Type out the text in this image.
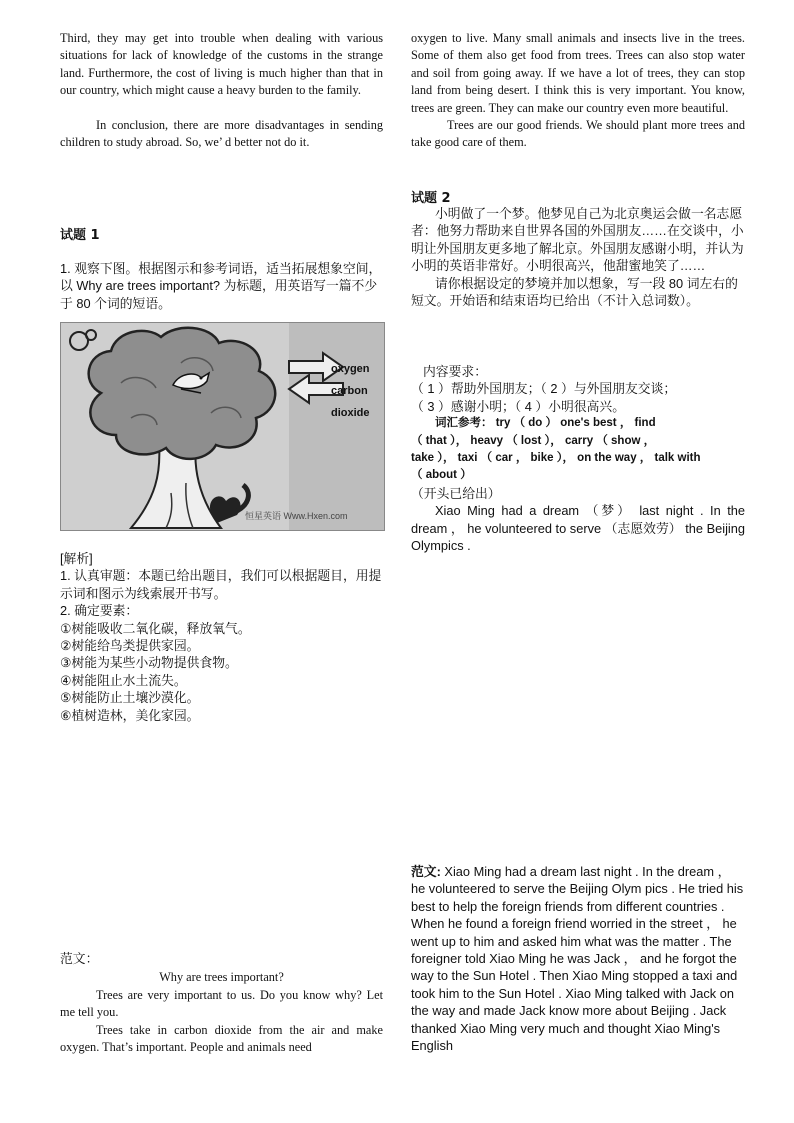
Third, they may get into trouble when dealing with various situations for lack of knowledge of the customs in the strange land. Furthermore, the cost of living is much higher than that in our country, which might cause a heavy burden to the family.

In conclusion, there are more disadvantages in sending children to study abroad. So, we’ d better not do it.

试题 1

1. 观察下图。根据图示和参考词语，适当拓展想象空间，以 Why are trees important? 为标题，用英语写一篇不少于 80 个词的短语。

oxygen
carbon
dioxide
恒星英语 Www.Hxen.com

[解析]

1. 认真审题：本题已给出题目，我们可以根据题目，用提示词和图示为线索展开书写。

2. 确定要素：

①树能吸收二氧化碳，释放氧气。

②树能给鸟类提供家园。

③树能为某些小动物提供食物。

④树能阻止水土流失。

⑤树能防止土壤沙漠化。

⑥植树造林，美化家园。

范文：

Why are trees important?

Trees are very important to us. Do you know why? Let me tell you.

Trees take in carbon dioxide from the air and make oxygen. That’s important. People and animals need

oxygen to live. Many small animals and insects live in the trees. Some of them also get food from trees. Trees can also stop water and soil from going away. If we have a lot of trees, they can stop land from being desert. I think this is very important. You know, trees are green. They can make our country even more beautiful.

Trees are our good friends. We should plant more trees and take good care of them.

试题 2

小明做了一个梦。他梦见自己为北京奥运会做一名志愿者：他努力帮助来自世界各国的外国朋友……在交谈中，小明让外国朋友更多地了解北京。外国朋友感谢小明，并认为小明的英语非常好。小明很高兴，他甜蜜地笑了……

请你根据设定的梦境并加以想象，写一段 80 词左右的短文。开始语和结束语均已给出（不计入总词数）。

内容要求：

（ 1 ）帮助外国朋友；（ 2 ）与外国朋友交谈；

（ 3 ）感谢小明；（ 4 ）小明很高兴。

词汇参考： try （ do ） one's best ， find

（ that ）， heavy （ lost ）， carry （ show ，

take ）， taxi （ car ， bike ）， on the way ， talk with

（ about ）

（开头已给出）

Xiao Ming had a dream （梦） last night . In the dream ， he volunteered to serve （志愿效劳） the Beijing Olympics .

范文: Xiao Ming had a dream last night . In the dream ， he volunteered to serve the Beijing Olym pics . He tried his best to help the foreign friends from different countries . When he found a foreign friend worried in the street ， he went up to him and asked him what was the matter . The foreigner told Xiao Ming he was Jack ， and he forgot the way to the Sun Hotel . Then Xiao Ming stopped a taxi and took him to the Sun Hotel . Xiao Ming talked with Jack on the way and made Jack know more about Beijing . Jack thanked Xiao Ming very much and thought Xiao Ming's English
